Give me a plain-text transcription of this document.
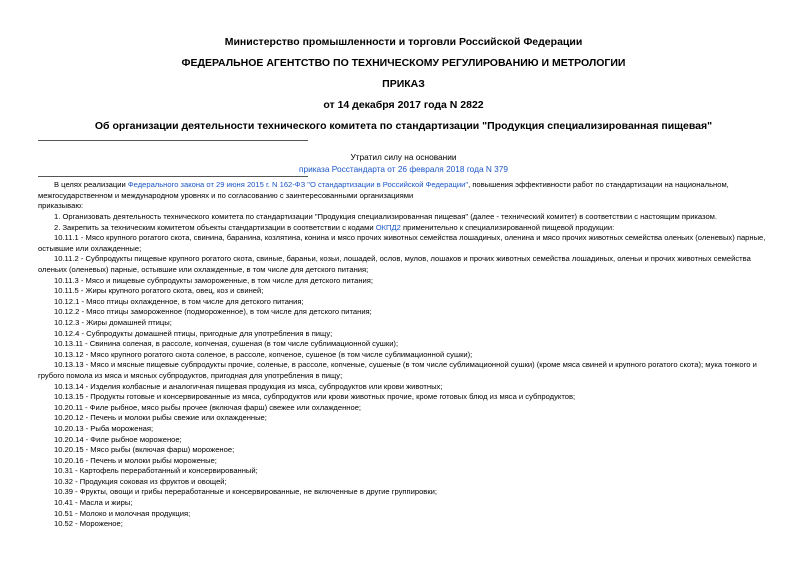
Министерство промышленности и торговли Российской Федерации
ФЕДЕРАЛЬНОЕ АГЕНТСТВО ПО ТЕХНИЧЕСКОМУ РЕГУЛИРОВАНИЮ И МЕТРОЛОГИИ
ПРИКАЗ
от 14 декабря 2017 года N 2822
Об организации деятельности технического комитета по стандартизации "Продукция специализированная пищевая"
Утратил силу на основании
приказа Росстандарта от 26 февраля 2018 года N 379
В целях реализации Федерального закона от 29 июня 2015 г. N 162-ФЗ "О стандартизации в Российской Федерации", повышения эффективности работ по стандартизации на национальном, межгосударственном и международном уровнях и по согласованию с заинтересованными организациями
приказываю:
1. Организовать деятельность технического комитета по стандартизации "Продукция специализированная пищевая" (далее - технический комитет) в соответствии с настоящим приказом.
2. Закрепить за техническим комитетом объекты стандартизации в соответствии с кодами ОКПД2 применительно к специализированной пищевой продукции:
10.11.1 - Мясо крупного рогатого скота, свинина, баранина, козлятина, конина и мясо прочих животных семейства лошадиных, оленина и мясо прочих животных семейства оленьих (оленевых) парные, остывшие или охлажденные;
10.11.2 - Субпродукты пищевые крупного рогатого скота, свиные, бараньи, козьи, лошадей, ослов, мулов, лошаков и прочих животных семейства лошадиных, оленьи и прочих животных семейства оленьих (оленевых) парные, остывшие или охлажденные, в том числе для детского питания;
10.11.3 - Мясо и пищевые субпродукты замороженные, в том числе для детского питания;
10.11.5 - Жиры крупного рогатого скота, овец, коз и свиней;
10.12.1 - Мясо птицы охлажденное, в том числе для детского питания;
10.12.2 - Мясо птицы замороженное (подмороженное), в том числе для детского питания;
10.12.3 - Жиры домашней птицы;
10.12.4 - Субпродукты домашней птицы, пригодные для употребления в пищу;
10.13.11 - Свинина соленая, в рассоле, копченая, сушеная (в том числе сублимационной сушки);
10.13.12 - Мясо крупного рогатого скота соленое, в рассоле, копченое, сушеное (в том числе сублимационной сушки);
10.13.13 - Мясо и мясные пищевые субпродукты прочие, соленые, в рассоле, копченые, сушеные (в том числе сублимационной сушки) (кроме мяса свиней и крупного рогатого скота); мука тонкого и грубого помола из мяса и мясных субпродуктов, пригодная для употребления в пищу;
10.13.14 - Изделия колбасные и аналогичная пищевая продукция из мяса, субпродуктов или крови животных;
10.13.15 - Продукты готовые и консервированные из мяса, субпродуктов или крови животных прочие, кроме готовых блюд из мяса и субпродуктов;
10.20.11 - Филе рыбное, мясо рыбы прочее (включая фарш) свежее или охлажденное;
10.20.12 - Печень и молоки рыбы свежие или охлажденные;
10.20.13 - Рыба мороженая;
10.20.14 - Филе рыбное мороженое;
10.20.15 - Мясо рыбы (включая фарш) мороженое;
10.20.16 - Печень и молоки рыбы мороженые;
10.31 - Картофель переработанный и консервированный;
10.32 - Продукция соковая из фруктов и овощей;
10.39 - Фрукты, овощи и грибы переработанные и консервированные, не включенные в другие группировки;
10.41 - Масла и жиры;
10.51 - Молоко и молочная продукция;
10.52 - Мороженое;
